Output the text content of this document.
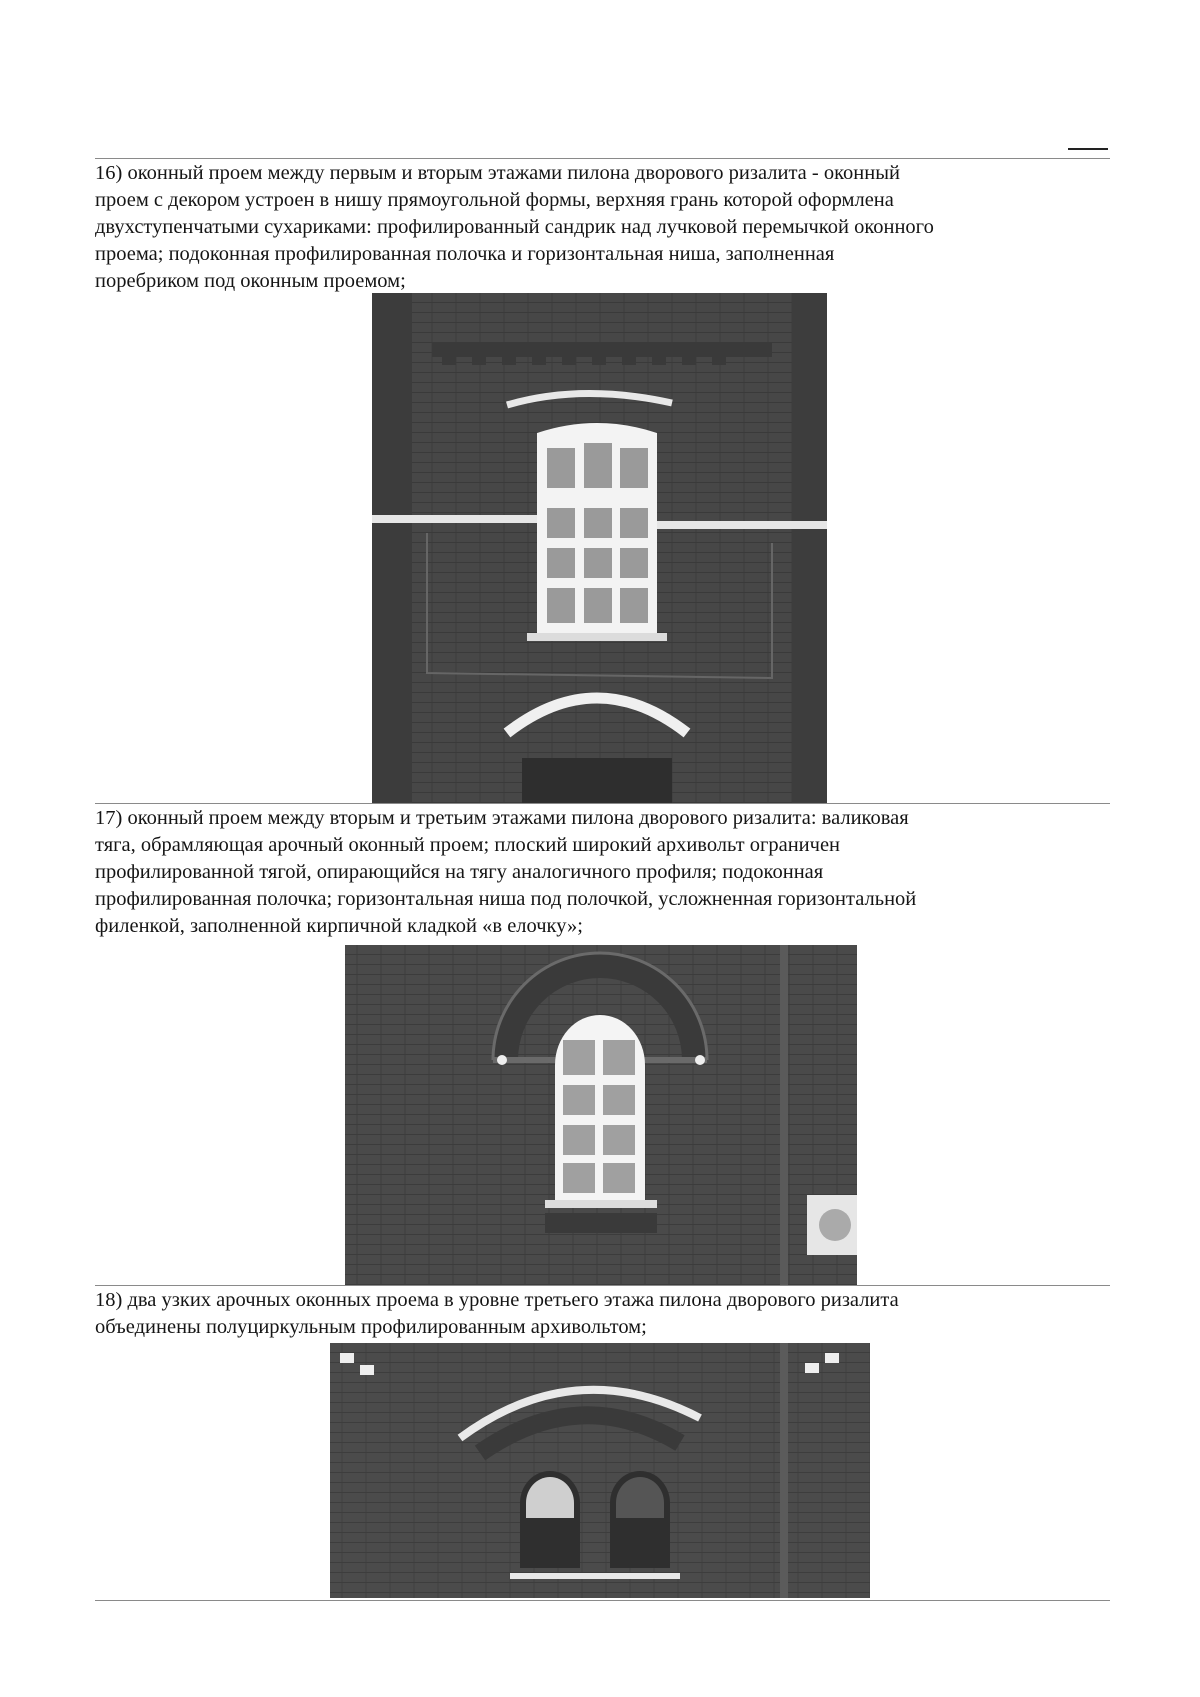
16) оконный проем между первым и вторым этажами пилона дворового ризалита - оконный
проем с декором устроен в нишу прямоугольной формы, верхняя грань которой оформлена
двухступенчатыми сухариками: профилированный сандрик над лучковой перемычкой оконного
проема; подоконная профилированная полочка и горизонтальная ниша, заполненная
поребриком под оконным проемом;

17) оконный проем между вторым и третьим этажами пилона дворового ризалита: валиковая
тяга, обрамляющая арочный оконный проем; плоский широкий архивольт ограничен
профилированной тягой, опирающийся на тягу аналогичного профиля; подоконная
профилированная полочка; горизонтальная ниша под полочкой, усложненная горизонтальной
филенкой, заполненной кирпичной кладкой «в елочку»;

18) два узких арочных оконных проема в уровне третьего этажа пилона дворового ризалита
объединены полуциркульным профилированным архивольтом;
